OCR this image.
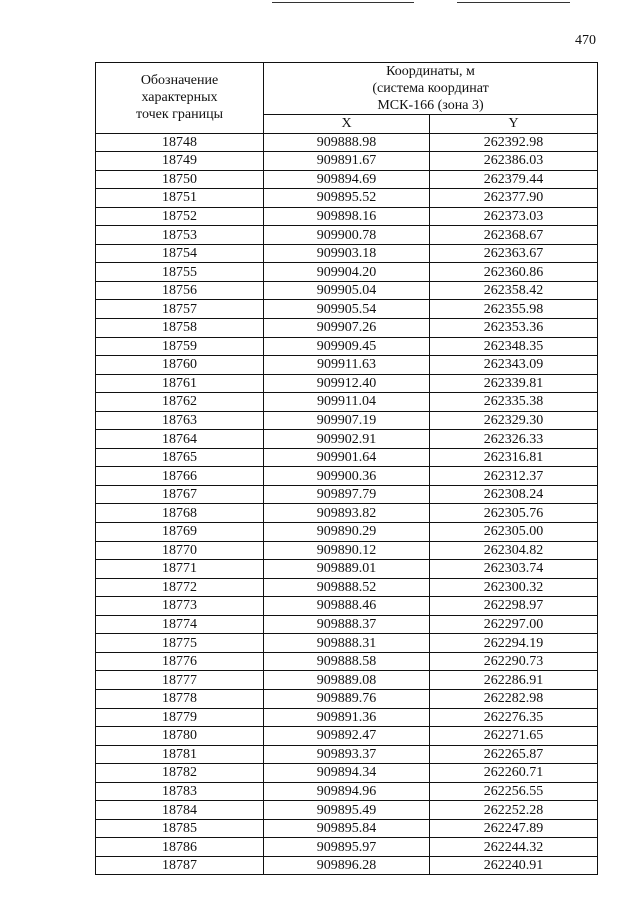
470
Обозначение
характерных
точек границы	Координаты, м
(система координат
МСК-166 (зона 3)	

	X	Y
18748	909888.98	262392.98
18749	909891.67	262386.03
18750	909894.69	262379.44
18751	909895.52	262377.90
18752	909898.16	262373.03
18753	909900.78	262368.67
18754	909903.18	262363.67
18755	909904.20	262360.86
18756	909905.04	262358.42
18757	909905.54	262355.98
18758	909907.26	262353.36
18759	909909.45	262348.35
18760	909911.63	262343.09
18761	909912.40	262339.81
18762	909911.04	262335.38
18763	909907.19	262329.30
18764	909902.91	262326.33
18765	909901.64	262316.81
18766	909900.36	262312.37
18767	909897.79	262308.24
18768	909893.82	262305.76
18769	909890.29	262305.00
18770	909890.12	262304.82
18771	909889.01	262303.74
18772	909888.52	262300.32
18773	909888.46	262298.97
18774	909888.37	262297.00
18775	909888.31	262294.19
18776	909888.58	262290.73
18777	909889.08	262286.91
18778	909889.76	262282.98
18779	909891.36	262276.35
18780	909892.47	262271.65
18781	909893.37	262265.87
18782	909894.34	262260.71
18783	909894.96	262256.55
18784	909895.49	262252.28
18785	909895.84	262247.89
18786	909895.97	262244.32
18787	909896.28	262240.91
